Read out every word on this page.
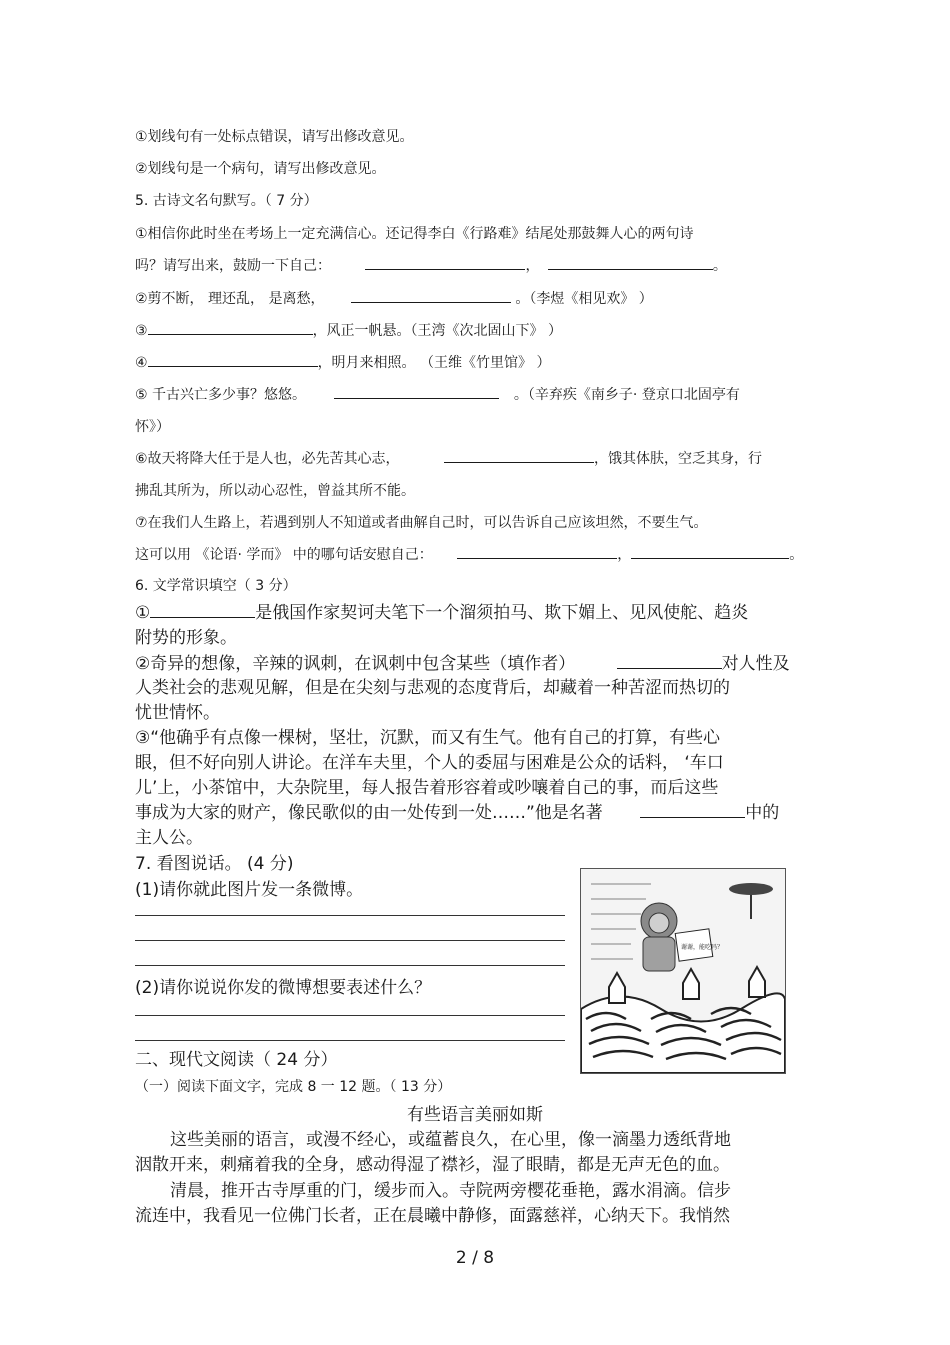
①划线句有一处标点错误，请写出修改意见。
②划线句是一个病句，请写出修改意见。
5. 古诗文名句默写。（ 7 分）
①相信你此时坐在考场上一定充满信心。还记得李白《行路难》结尾处那鼓舞人心的两句诗
吗？请写出来，鼓励一下自己：	，	。
②剪不断， 理还乱， 是离愁，	。（李煜《相见欢》 ）
③	，风正一帆悬。（王湾《次北固山下》 ）
④	，明月来相照。 （王维《竹里馆》 ）
⑤ 千古兴亡多少事？悠悠。	。（辛弃疾《南乡子· 登京口北固亭有
怀》）
⑥故天将降大任于是人也，必先苦其心志，	，饿其体肤，空乏其身，行
拂乱其所为，所以动心忍性，曾益其所不能。
⑦在我们人生路上，若遇到别人不知道或者曲解自己时，可以告诉自己应该坦然，不要生气。
这可以用 《论语· 学而》 中的哪句话安慰自己：	，	。
6. 文学常识填空（ 3 分）
①	是俄国作家契诃夫笔下一个溜须拍马、欺下媚上、见风使舵、趋炎
附势的形象。
②奇异的想像，辛辣的讽刺，在讽刺中包含某些（填作者）	对人性及
人类社会的悲观见解，但是在尖刻与悲观的态度背后，却藏着一种苦涩而热切的
忧世情怀。
③“他确乎有点像一棵树，坚壮，沉默，而又有生气。他有自己的打算，有些心
眼，但不好向别人讲论。在洋车夫里，个人的委屈与困难是公众的话料， ‘车口
儿’上，小茶馆中，大杂院里，每人报告着形容着或吵嚷着自己的事，而后这些
事成为大家的财产，像民歌似的由一处传到一处……”他是名著	中的
主人公。
7. 看图说话。 (4 分)
(1)请你就此图片发一条微博。
(2)请你说说你发的微博想要表述什么？
谢谢，能吃吗？
二、现代文阅读（ 24 分）
（一）阅读下面文字，完成 8 一 12 题。（ 13 分）
有些语言美丽如斯
这些美丽的语言，或漫不经心，或蕴蓄良久，在心里，像一滴墨力透纸背地
洇散开来，刺痛着我的全身，感动得湿了襟衫，湿了眼睛，都是无声无色的血。
清晨，推开古寺厚重的门，缓步而入。寺院两旁樱花垂艳，露水涓滴。信步
流连中，我看见一位佛门长者，正在晨曦中静修，面露慈祥，心纳天下。我悄然
2 / 8
